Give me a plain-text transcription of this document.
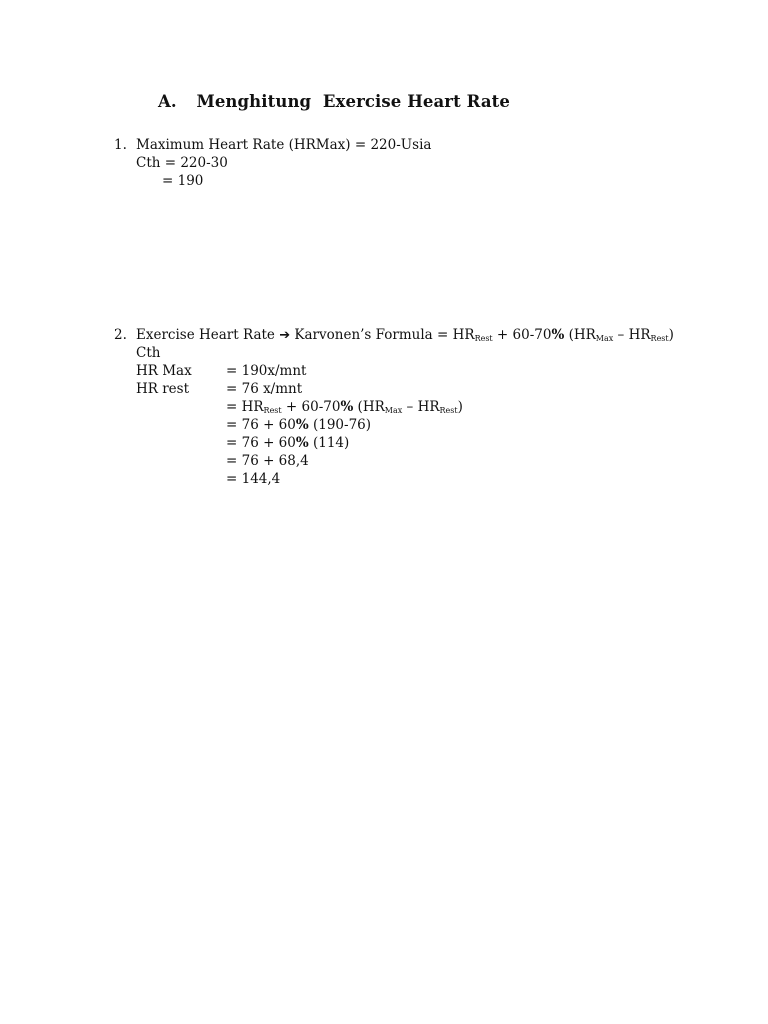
A. Menghitung  Exercise Heart Rate
1. Maximum Heart Rate (HRMax) = 220-Usia
Cth = 220-30
= 190
2. Exercise Heart Rate ➔ Karvonen’s Formula = $HR_{Rest} + 60-70\%$ $(HR_{Max} - HR_{Rest})$
Cth
HR Max	= 190x/mnt
HR rest	= 76 x/mnt
= $HR_{Rest} + 60-70\%$ $(HR_{Max} - HR_{Rest})$
= 76 + 60% (190-76)
= 76 + 60% (114)
= 76 + 68,4
= 144,4
